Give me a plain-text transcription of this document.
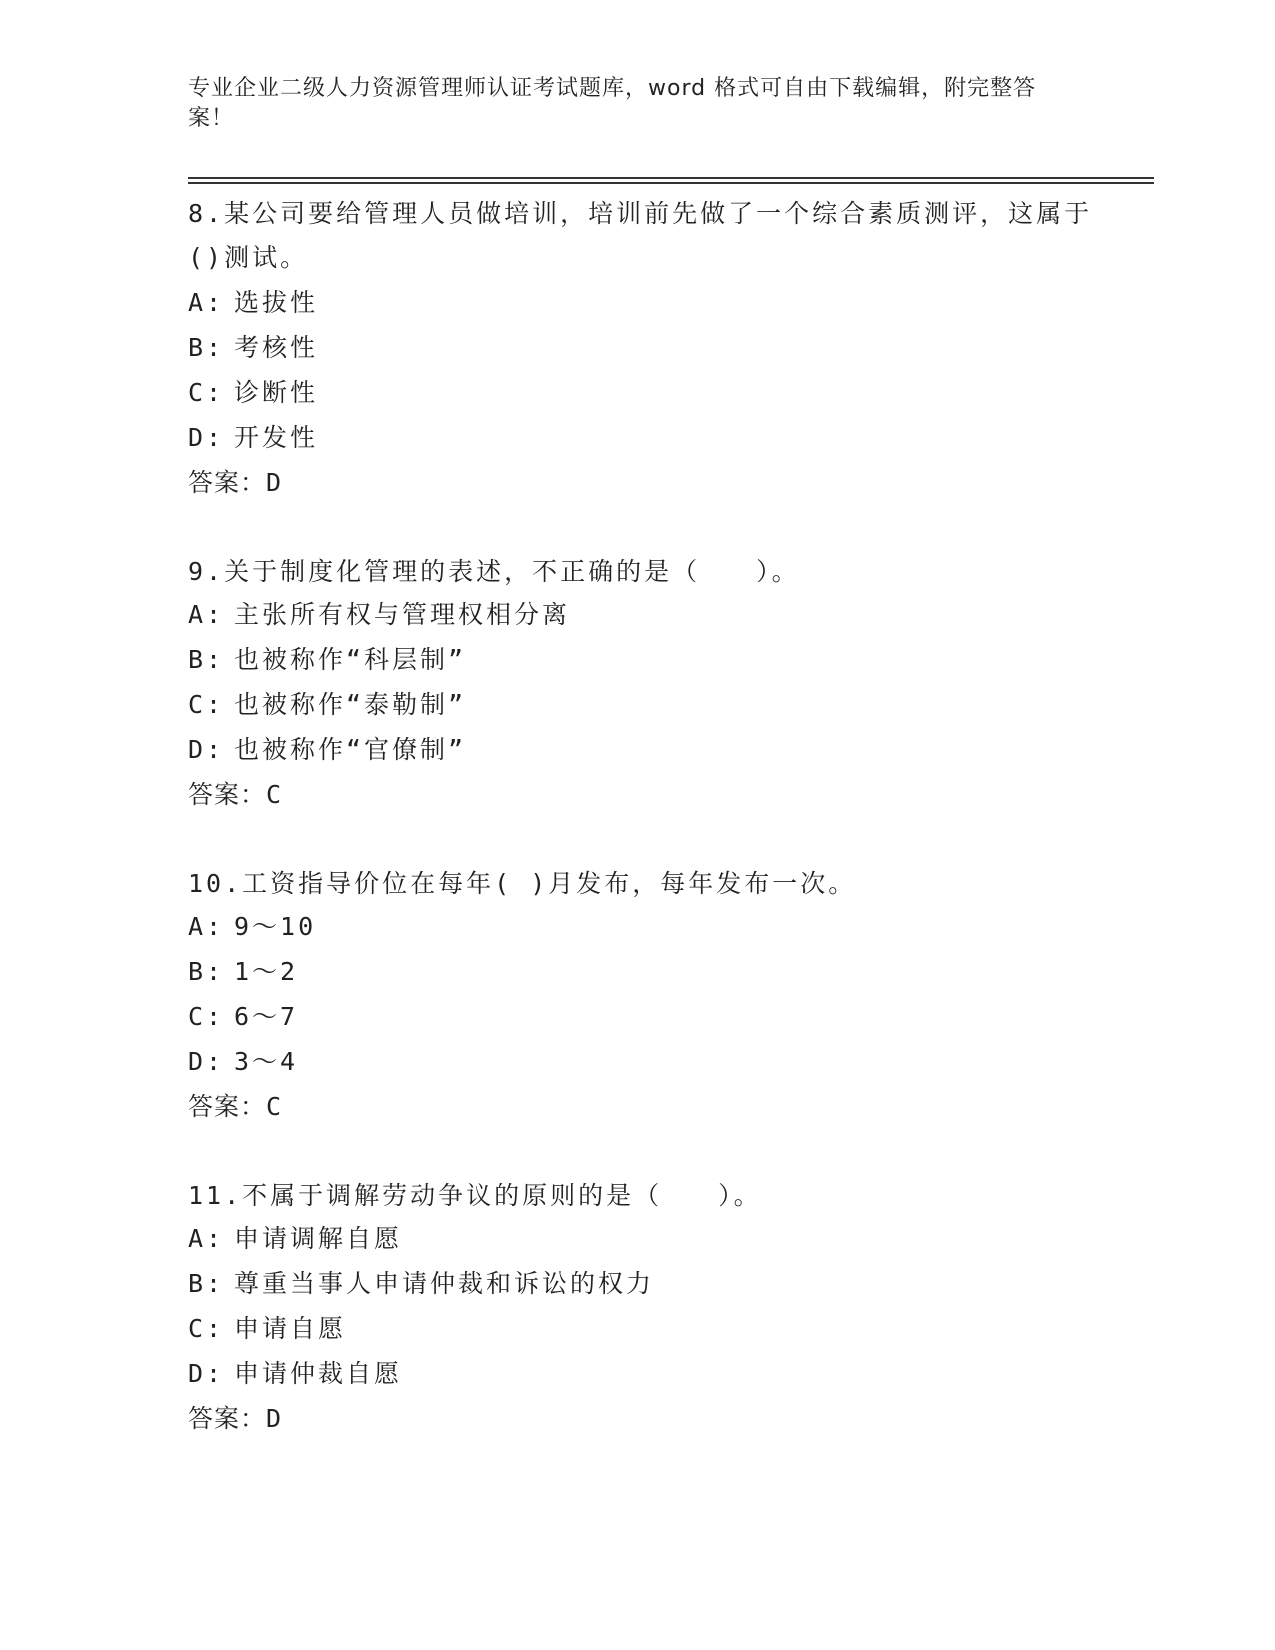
专业企业二级人力资源管理师认证考试题库，word 格式可自由下载编辑，附完整答案！

8.某公司要给管理人员做培训，培训前先做了一个综合素质测评，这属于()测试。

A: 选拔性

B: 考核性

C: 诊断性

D: 开发性

答案：D

9.关于制度化管理的表述，不正确的是（　　）。

A: 主张所有权与管理权相分离

B: 也被称作“科层制”

C: 也被称作“泰勒制”

D: 也被称作“官僚制”

答案：C

10.工资指导价位在每年( )月发布，每年发布一次。

A: 9～10

B: 1～2

C: 6～7

D: 3～4

答案：C

11.不属于调解劳动争议的原则的是（　　）。

A: 申请调解自愿

B: 尊重当事人申请仲裁和诉讼的权力

C: 申请自愿

D: 申请仲裁自愿

答案：D
